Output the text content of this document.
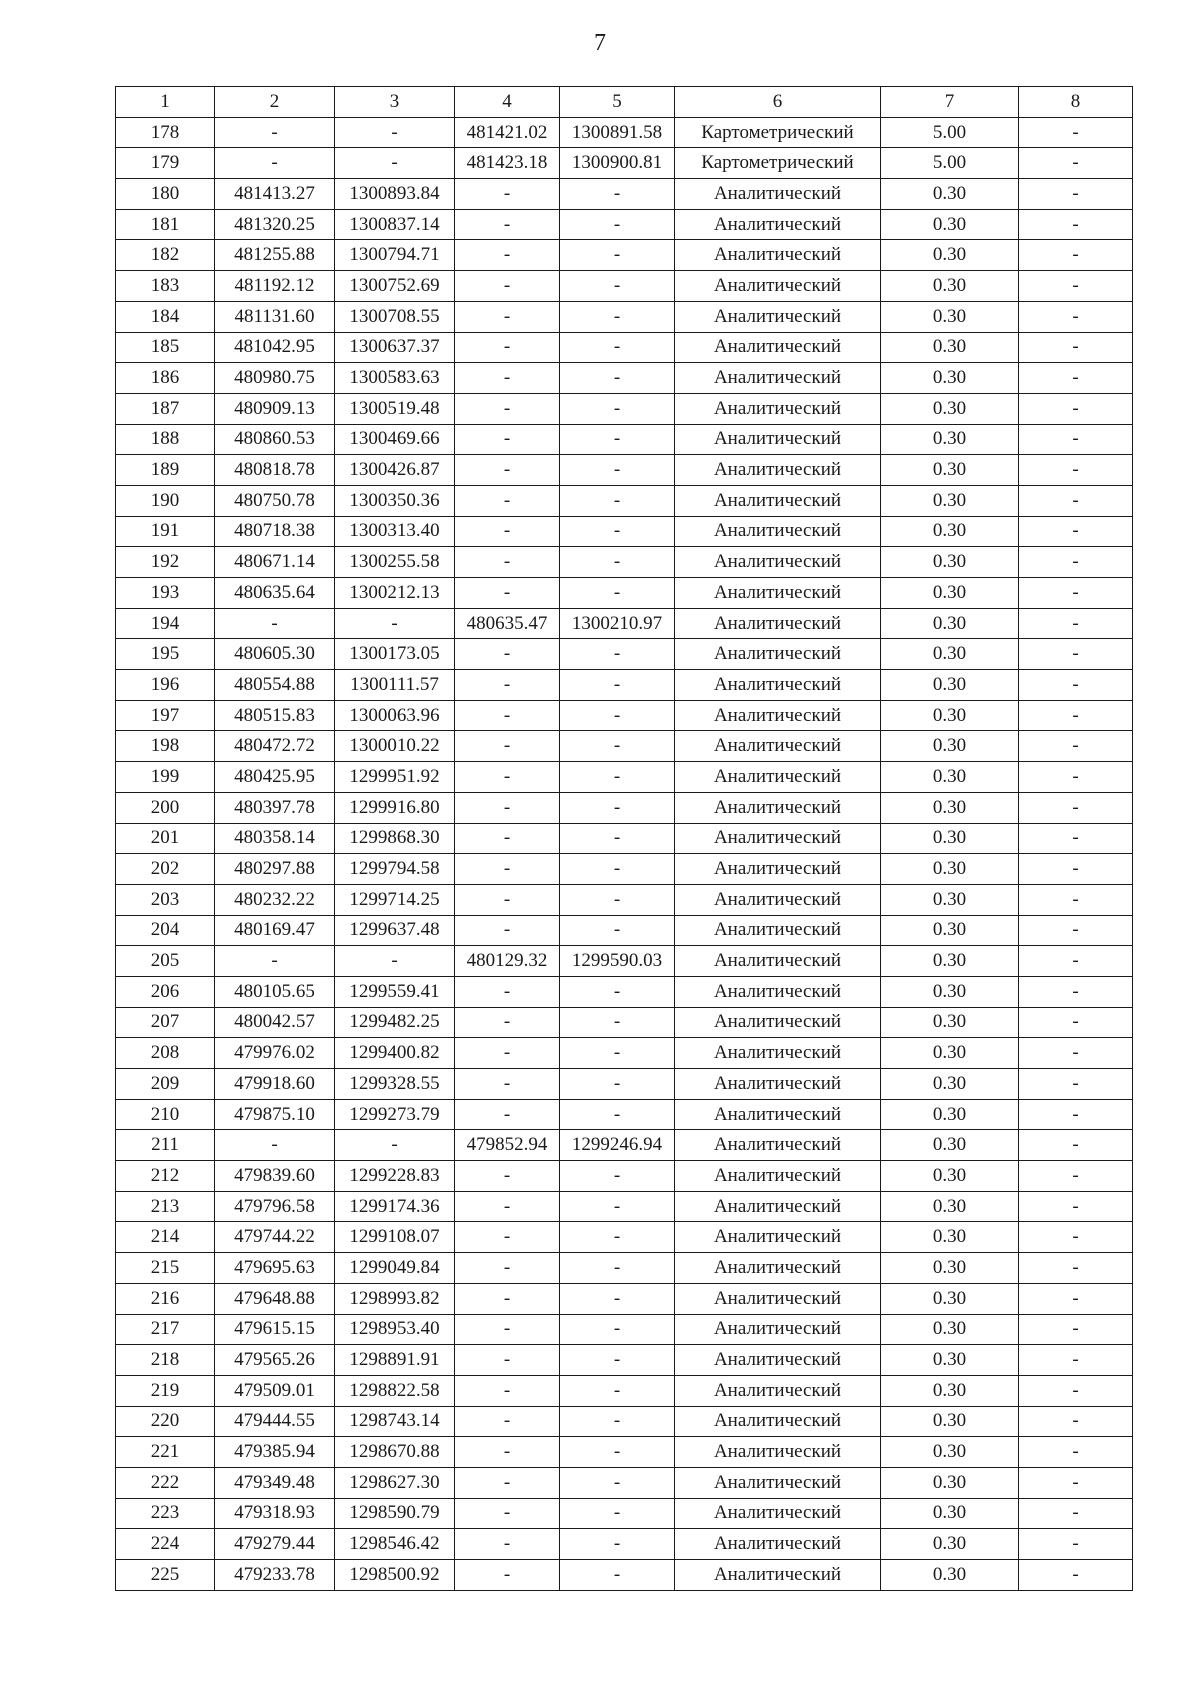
7
1	2	3	4	5	6	7	8
178	-	-	481421.02	1300891.58	Картометрический	5.00	-
179	-	-	481423.18	1300900.81	Картометрический	5.00	-
180	481413.27	1300893.84	-	-	Аналитический	0.30	-
181	481320.25	1300837.14	-	-	Аналитический	0.30	-
182	481255.88	1300794.71	-	-	Аналитический	0.30	-
183	481192.12	1300752.69	-	-	Аналитический	0.30	-
184	481131.60	1300708.55	-	-	Аналитический	0.30	-
185	481042.95	1300637.37	-	-	Аналитический	0.30	-
186	480980.75	1300583.63	-	-	Аналитический	0.30	-
187	480909.13	1300519.48	-	-	Аналитический	0.30	-
188	480860.53	1300469.66	-	-	Аналитический	0.30	-
189	480818.78	1300426.87	-	-	Аналитический	0.30	-
190	480750.78	1300350.36	-	-	Аналитический	0.30	-
191	480718.38	1300313.40	-	-	Аналитический	0.30	-
192	480671.14	1300255.58	-	-	Аналитический	0.30	-
193	480635.64	1300212.13	-	-	Аналитический	0.30	-
194	-	-	480635.47	1300210.97	Аналитический	0.30	-
195	480605.30	1300173.05	-	-	Аналитический	0.30	-
196	480554.88	1300111.57	-	-	Аналитический	0.30	-
197	480515.83	1300063.96	-	-	Аналитический	0.30	-
198	480472.72	1300010.22	-	-	Аналитический	0.30	-
199	480425.95	1299951.92	-	-	Аналитический	0.30	-
200	480397.78	1299916.80	-	-	Аналитический	0.30	-
201	480358.14	1299868.30	-	-	Аналитический	0.30	-
202	480297.88	1299794.58	-	-	Аналитический	0.30	-
203	480232.22	1299714.25	-	-	Аналитический	0.30	-
204	480169.47	1299637.48	-	-	Аналитический	0.30	-
205	-	-	480129.32	1299590.03	Аналитический	0.30	-
206	480105.65	1299559.41	-	-	Аналитический	0.30	-
207	480042.57	1299482.25	-	-	Аналитический	0.30	-
208	479976.02	1299400.82	-	-	Аналитический	0.30	-
209	479918.60	1299328.55	-	-	Аналитический	0.30	-
210	479875.10	1299273.79	-	-	Аналитический	0.30	-
211	-	-	479852.94	1299246.94	Аналитический	0.30	-
212	479839.60	1299228.83	-	-	Аналитический	0.30	-
213	479796.58	1299174.36	-	-	Аналитический	0.30	-
214	479744.22	1299108.07	-	-	Аналитический	0.30	-
215	479695.63	1299049.84	-	-	Аналитический	0.30	-
216	479648.88	1298993.82	-	-	Аналитический	0.30	-
217	479615.15	1298953.40	-	-	Аналитический	0.30	-
218	479565.26	1298891.91	-	-	Аналитический	0.30	-
219	479509.01	1298822.58	-	-	Аналитический	0.30	-
220	479444.55	1298743.14	-	-	Аналитический	0.30	-
221	479385.94	1298670.88	-	-	Аналитический	0.30	-
222	479349.48	1298627.30	-	-	Аналитический	0.30	-
223	479318.93	1298590.79	-	-	Аналитический	0.30	-
224	479279.44	1298546.42	-	-	Аналитический	0.30	-
225	479233.78	1298500.92	-	-	Аналитический	0.30	-
